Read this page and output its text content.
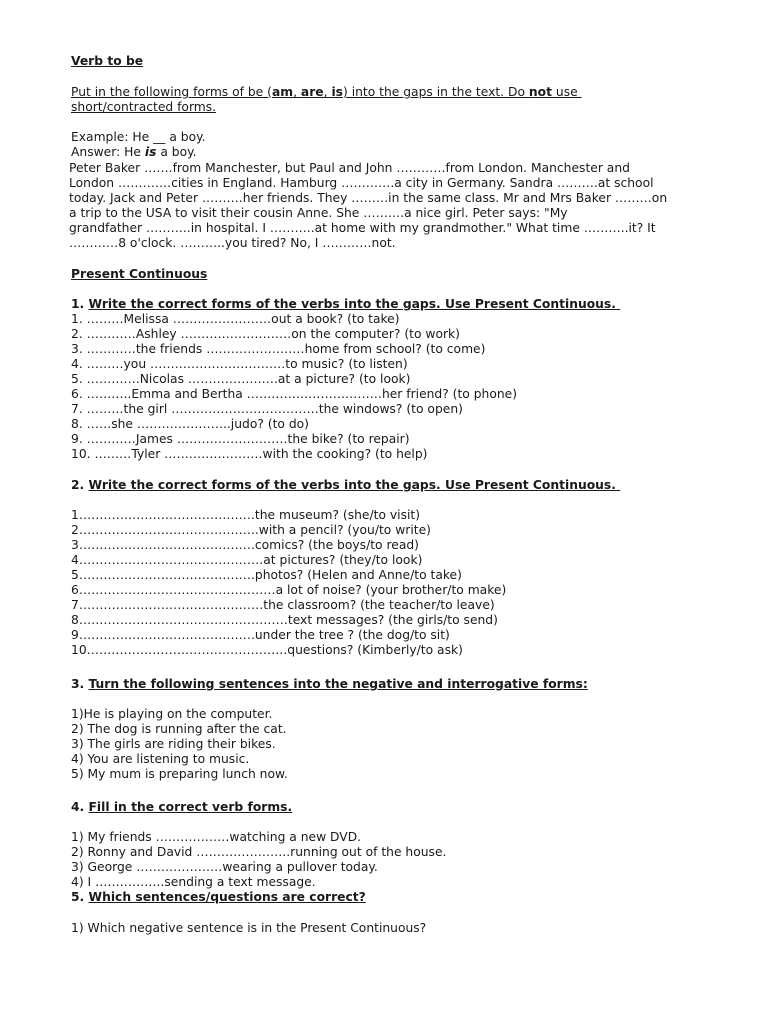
Verb to be
Put in the following forms of be (am, are, is) into the gaps in the text. Do not use
short/contracted forms.
Example: He __ a boy.
Answer: He is a boy.
Peter Baker …….from Manchester, but Paul and John …………from London. Manchester and
London ………….cities in England. Hamburg ………….a city in Germany. Sandra ……….at school
today. Jack and Peter ……….her friends. They ………in the same class. Mr and Mrs Baker ………on
a trip to the USA to visit their cousin Anne. She ……….a nice girl. Peter says: "My
grandfather ………..in hospital. I ………..at home with my grandmother." What time ………..it? It
…………8 o'clock. ………..you tired? No, I …………not.
Present Continuous
1. Write the correct forms of the verbs into the gaps. Use Present Continuous.
1. ………Melissa ……………………out a book? (to take)
2. …………Ashley ………………………on the computer? (to work)
3. …………the friends ……………………home from school? (to come)
4. ………you ……………………………to music? (to listen)
5. ………….Nicolas ………………….at a picture? (to look)
6. ………..Emma and Bertha ……………………………her friend? (to phone)
7. ………the girl ………………………………the windows? (to open)
8. ……she …………………..judo? (to do)
9. …………James ………………………the bike? (to repair)
10. ………Tyler ……………………with the cooking? (to help)
2. Write the correct forms of the verbs into the gaps. Use Present Continuous.
1…………………………………….the museum? (she/to visit)
2……………………………………..with a pencil? (you/to write)
3…………………………………….comics? (the boys/to read)
4………………………………………at pictures? (they/to look)
5…………………………………….photos? (Helen and Anne/to take)
6…………………………………………a lot of noise? (your brother/to make)
7………………………………………the classroom? (the teacher/to leave)
8……………………………………………text messages? (the girls/to send)
9…………………………………….under the tree ? (the dog/to sit)
10………………………………………….questions? (Kimberly/to ask)
3. Turn the following sentences into the negative and interrogative forms:
1)He is playing on the computer.
2) The dog is running after the cat.
3) The girls are riding their bikes.
4) You are listening to music.
5) My mum is preparing lunch now.
4. Fill in the correct verb forms.
1) My friends ………………watching a new DVD.
2) Ronny and David …………………..running out of the house.
3) George …………………wearing a pullover today.
4) I ……………..sending a text message.
5. Which sentences/questions are correct?
1) Which negative sentence is in the Present Continuous?
